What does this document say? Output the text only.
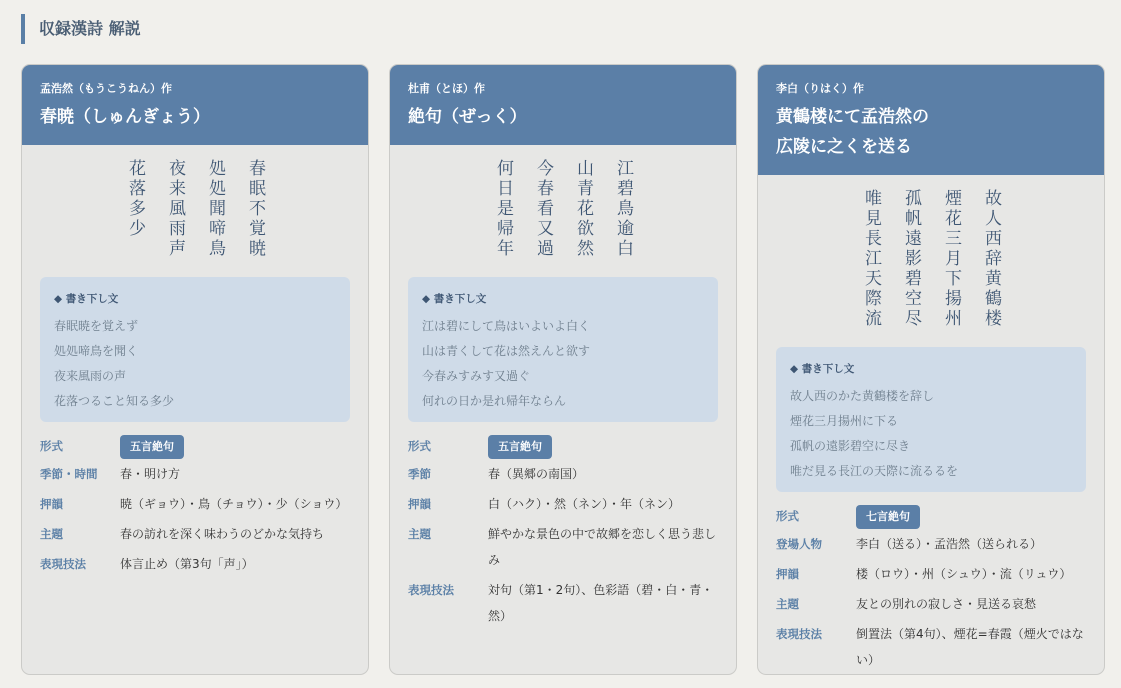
収録漢詩 解説
孟浩然（もうこうねん）作
春暁（しゅんぎょう）
春眠不覚暁
処処聞啼鳥
夜来風雨声
花落多少
◆ 書き下し文
春眠暁を覚えず
処処啼鳥を聞く
夜来風雨の声
花落つること知る多少
形式	五言絶句
季節・時間	春・明け方
押韻	暁（ギョウ）・鳥（チョウ）・少（ショウ）
主題	春の訪れを深く味わうのどかな気持ち
表現技法	体言止め（第3句「声」）
杜甫（とほ）作
絶句（ぜっく）
江碧鳥逾白
山青花欲然
今春看又過
何日是帰年
◆ 書き下し文
江は碧にして鳥はいよいよ白く
山は青くして花は然えんと欲す
今春みすみす又過ぐ
何れの日か是れ帰年ならん
形式	五言絶句
季節	春（異郷の南国）
押韻	白（ハク）・然（ネン）・年（ネン）
主題	鮮やかな景色の中で故郷を恋しく思う悲しみ
表現技法	対句（第1・2句）、色彩語（碧・白・青・然）
李白（りはく）作
黄鶴楼にて孟浩然の
広陵に之くを送る
故人西辞黄鶴楼
煙花三月下揚州
孤帆遠影碧空尽
唯見長江天際流
◆ 書き下し文
故人西のかた黄鶴楼を辞し
煙花三月揚州に下る
孤帆の遠影碧空に尽き
唯だ見る長江の天際に流るるを
形式	七言絶句
登場人物	李白（送る）・孟浩然（送られる）
押韻	楼（ロウ）・州（シュウ）・流（リュウ）
主題	友との別れの寂しさ・見送る哀愁
表現技法	倒置法（第4句）、煙花=春霞（煙火ではない）
